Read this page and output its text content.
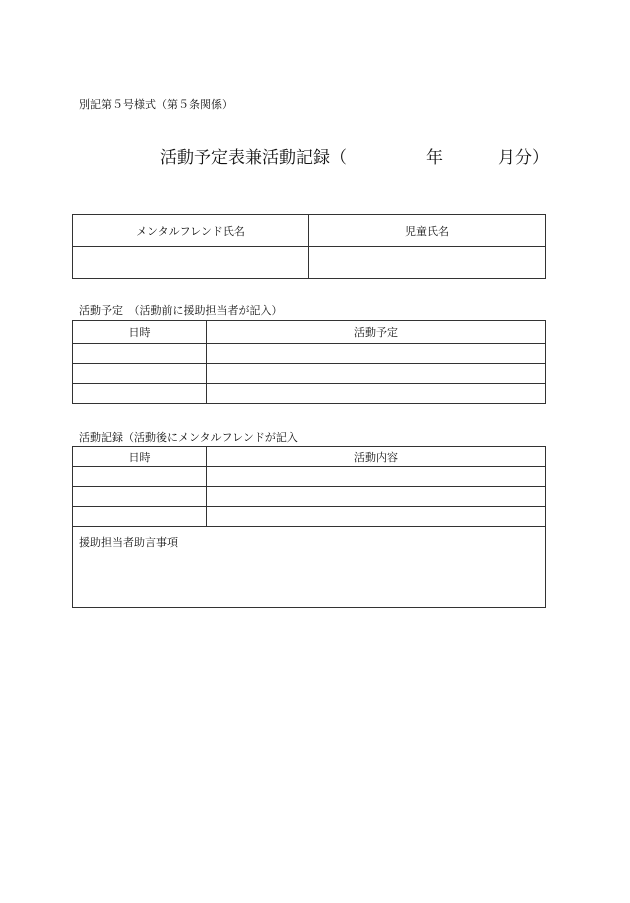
別記第５号様式（第５条関係）
活動予定表兼活動記録（	年	月分）
メンタルフレンド氏名	児童氏名

活動予定　（活動前に援助担当者が記入）
日時	活動予定

活動記録（活動後にメンタルフレンドが記入
日時	活動内容

援助担当者助言事項	
